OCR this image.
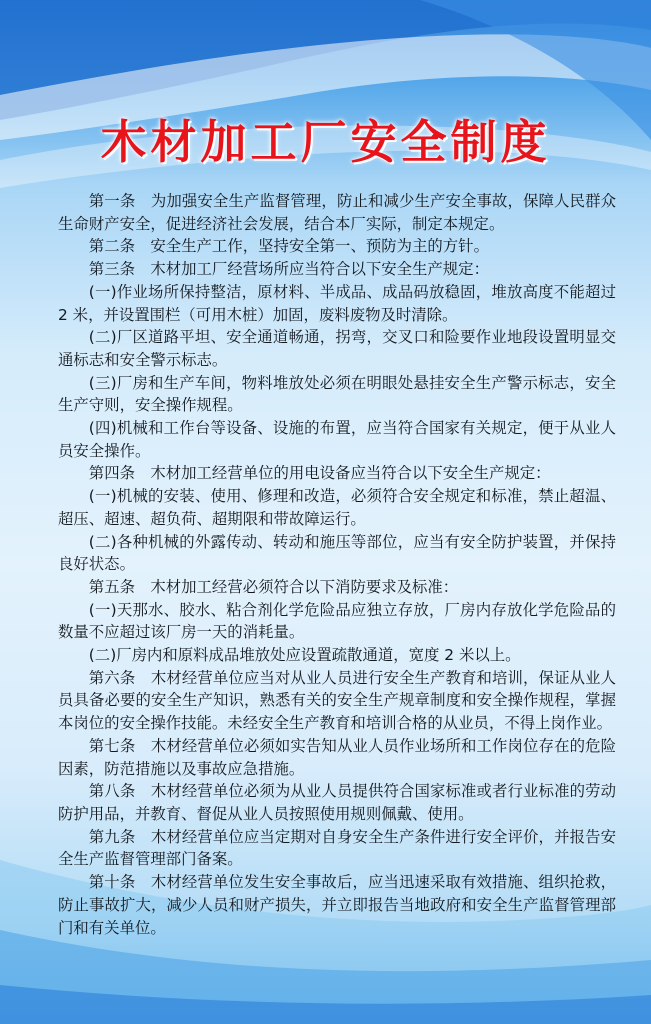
木材加工厂安全制度

第一条　为加强安全生产监督管理，防止和减少生产安全事故，保障人民群众生命财产安全，促进经济社会发展，结合本厂实际，制定本规定。

第二条　安全生产工作，坚持安全第一、预防为主的方针。

第三条　木材加工厂经营场所应当符合以下安全生产规定：

(一)作业场所保持整洁，原材料、半成品、成品码放稳固，堆放高度不能超过 2 米，并设置围栏（可用木桩）加固，废料废物及时清除。

(二)厂区道路平坦、安全通道畅通，拐弯，交叉口和险要作业地段设置明显交通标志和安全警示标志。

(三)厂房和生产车间，物料堆放处必须在明眼处悬挂安全生产警示标志，安全生产守则，安全操作规程。

(四)机械和工作台等设备、设施的布置，应当符合国家有关规定，便于从业人员安全操作。

第四条　木材加工经营单位的用电设备应当符合以下安全生产规定：

(一)机械的安装、使用、修理和改造，必须符合安全规定和标准，禁止超温、超压、超速、超负荷、超期限和带故障运行。

(二)各种机械的外露传动、转动和施压等部位，应当有安全防护装置，并保持良好状态。

第五条　木材加工经营必须符合以下消防要求及标准：

(一)天那水、胶水、粘合剂化学危险品应独立存放，厂房内存放化学危险品的数量不应超过该厂房一天的消耗量。

(二)厂房内和原料成品堆放处应设置疏散通道，宽度 2 米以上。

第六条　木材经营单位应当对从业人员进行安全生产教育和培训，保证从业人员具备必要的安全生产知识，熟悉有关的安全生产规章制度和安全操作规程，掌握本岗位的安全操作技能。未经安全生产教育和培训合格的从业员，不得上岗作业。

第七条　木材经营单位必须如实告知从业人员作业场所和工作岗位存在的危险因素，防范措施以及事故应急措施。

第八条　木材经营单位必须为从业人员提供符合国家标准或者行业标准的劳动防护用品，并教育、督促从业人员按照使用规则佩戴、使用。

第九条　木材经营单位应当定期对自身安全生产条件进行安全评价，并报告安全生产监督管理部门备案。

第十条　木材经营单位发生安全事故后，应当迅速采取有效措施、组织抢救，防止事故扩大，减少人员和财产损失，并立即报告当地政府和安全生产监督管理部门和有关单位。
